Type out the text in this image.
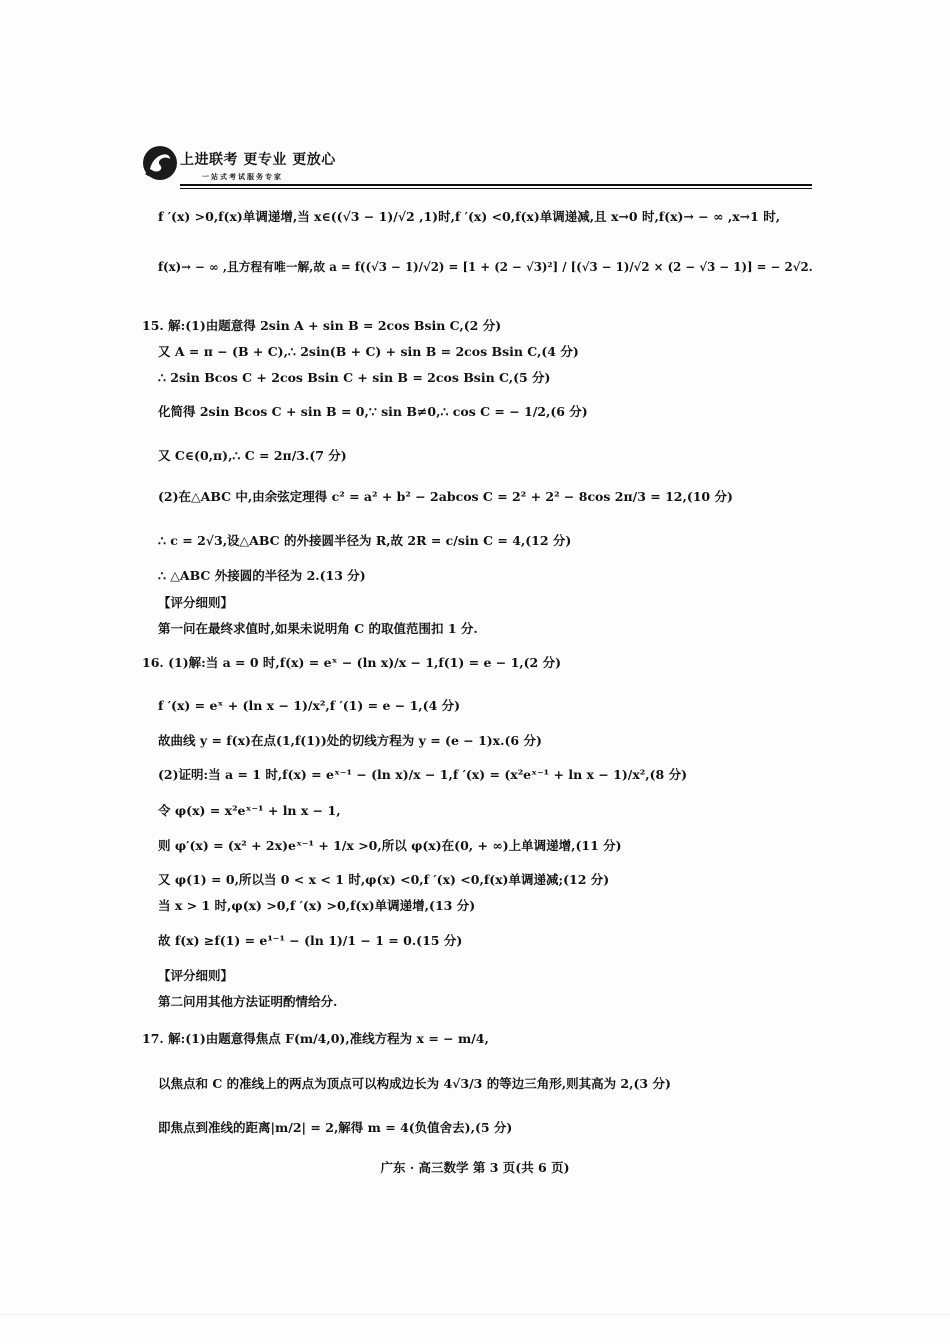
上进联考 更专业 更放心
一站式考试服务专家
f ′(x) >0,f(x)单调递增,当 x∈((√3 − 1)/√2 ,1)时,f ′(x) <0,f(x)单调递减,且 x→0 时,f(x)→ − ∞ ,x→1 时,
f(x)→ − ∞ ,且方程有唯一解,故 a = f((√3 − 1)/√2) = [1 + (2 − √3)²] / [(√3 − 1)/√2 × (2 − √3 − 1)] = − 2√2.
15. 解:(1)由题意得 2sin A + sin B = 2cos Bsin C,(2 分)
又 A = π − (B + C),∴ 2sin(B + C) + sin B = 2cos Bsin C,(4 分)
∴ 2sin Bcos C + 2cos Bsin C + sin B = 2cos Bsin C,(5 分)
化简得 2sin Bcos C + sin B = 0,∵ sin B≠0,∴ cos C = − 1/2,(6 分)
又 C∈(0,π),∴ C = 2π/3.(7 分)
(2)在△ABC 中,由余弦定理得 c² = a² + b² − 2abcos C = 2² + 2² − 8cos 2π/3 = 12,(10 分)
∴ c = 2√3,设△ABC 的外接圆半径为 R,故 2R = c/sin C = 4,(12 分)
∴ △ABC 外接圆的半径为 2.(13 分)
【评分细则】
第一问在最终求值时,如果未说明角 C 的取值范围扣 1 分.
16. (1)解:当 a = 0 时,f(x) = eˣ − (ln x)/x − 1,f(1) = e − 1,(2 分)
f ′(x) = eˣ + (ln x − 1)/x²,f ′(1) = e − 1,(4 分)
故曲线 y = f(x)在点(1,f(1))处的切线方程为 y = (e − 1)x.(6 分)
(2)证明:当 a = 1 时,f(x) = eˣ⁻¹ − (ln x)/x − 1,f ′(x) = (x²eˣ⁻¹ + ln x − 1)/x²,(8 分)
令 φ(x) = x²eˣ⁻¹ + ln x − 1,
则 φ′(x) = (x² + 2x)eˣ⁻¹ + 1/x >0,所以 φ(x)在(0, + ∞)上单调递增,(11 分)
又 φ(1) = 0,所以当 0 < x < 1 时,φ(x) <0,f ′(x) <0,f(x)单调递减;(12 分)
当 x > 1 时,φ(x) >0,f ′(x) >0,f(x)单调递增,(13 分)
故 f(x) ≥f(1) = e¹⁻¹ − (ln 1)/1 − 1 = 0.(15 分)
【评分细则】
第二问用其他方法证明酌情给分.
17. 解:(1)由题意得焦点 F(m/4,0),准线方程为 x = − m/4,
以焦点和 C 的准线上的两点为顶点可以构成边长为 4√3/3 的等边三角形,则其高为 2,(3 分)
即焦点到准线的距离|m/2| = 2,解得 m = 4(负值舍去),(5 分)
广东 · 高三数学 第 3 页(共 6 页)
